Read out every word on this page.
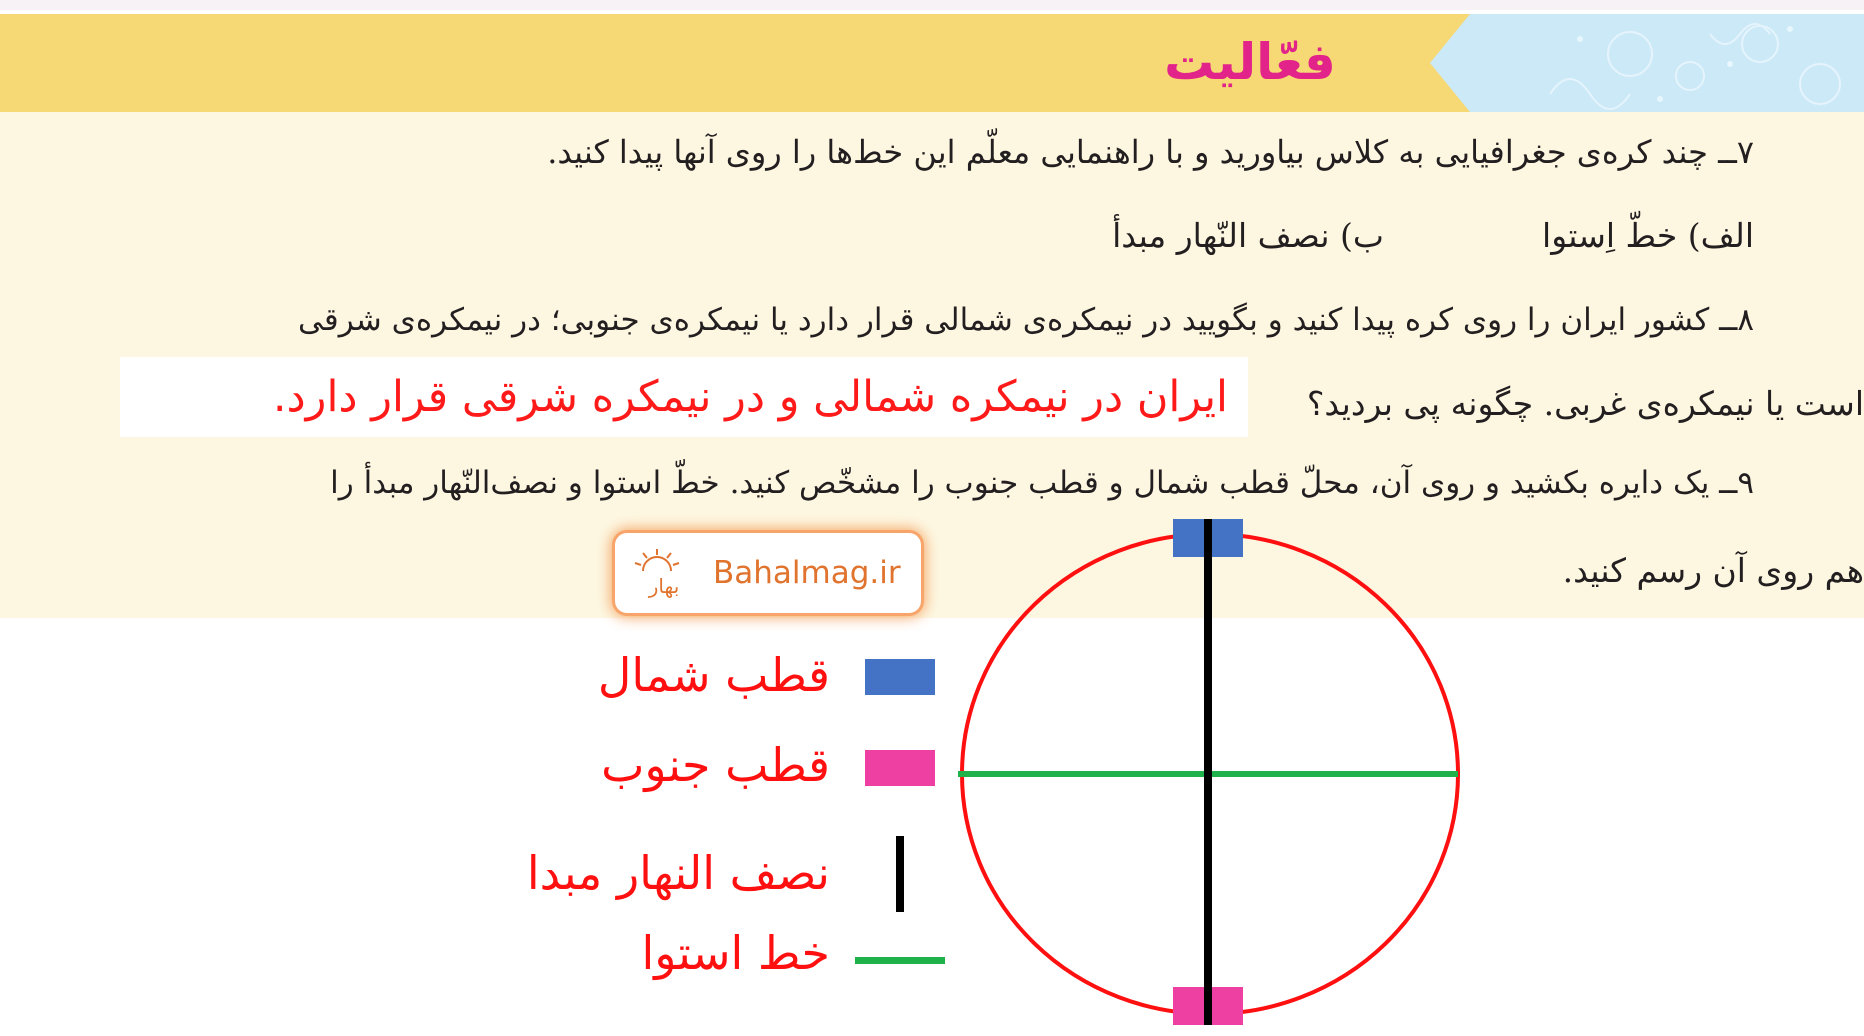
فعّالیت
۷ــ چند کره‌ی جغرافیایی به کلاس بیاورید و با راهنمایی معلّم این خط‌ها را روی آنها پیدا کنید.
الف) خطّ اِستوا
ب) نصف النّهار مبدأ
۸ــ کشور ایران را روی کره پیدا کنید و بگویید در نیمکره‌ی شمالی قرار دارد یا نیمکره‌ی جنوبی؛ در نیمکره‌ی شرقی
است یا نیمکره‌ی غربی. چگونه پی بردید؟
ایران در نیمکره شمالی و در نیمکره شرقی قرار دارد.
۹ــ یک دایره بکشید و روی آن، محلّ قطب شمال و قطب جنوب را مشخّص کنید. خطّ استوا و نصف‌النّهار مبدأ را
هم روی آن رسم کنید.
بهار Bahalmag.ir
قطب شمال
قطب جنوب
نصف النهار مبدا
خط استوا
